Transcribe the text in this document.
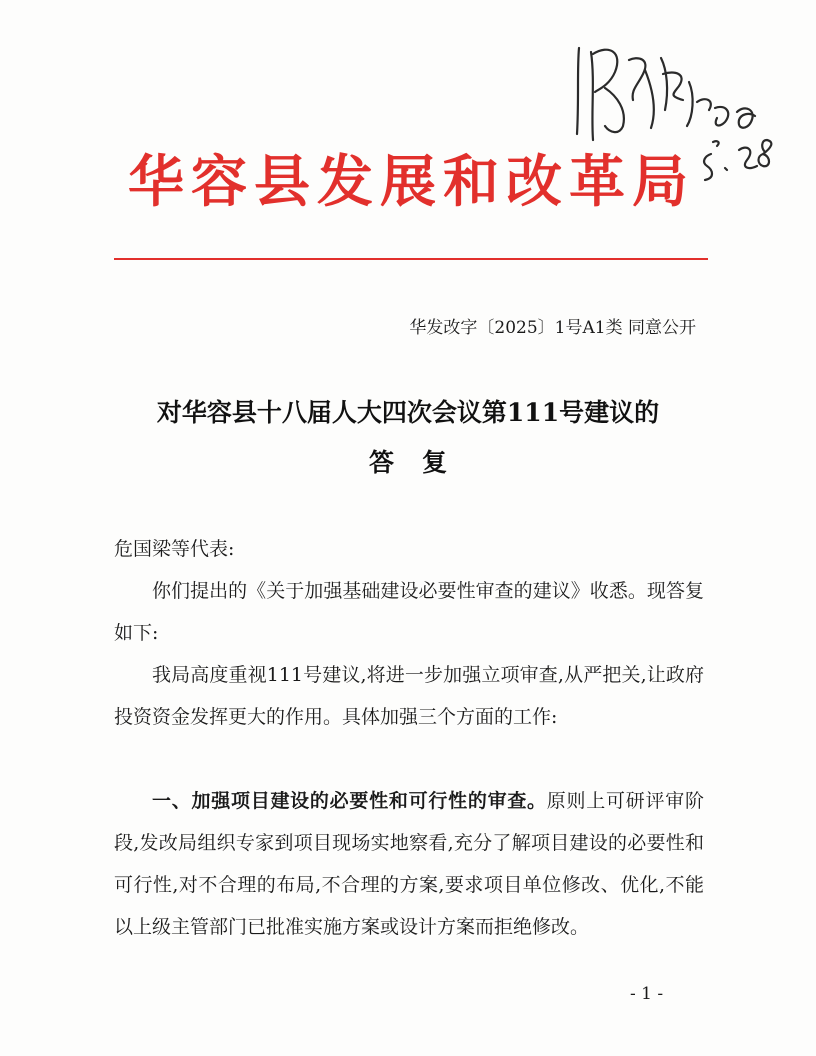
华容县发展和改革局
华发改字〔2025〕1号A1类 同意公开
对华容县十八届人大四次会议第111号建议的
答复
危国梁等代表:
你们提出的《关于加强基础建设必要性审查的建议》收悉。现答复如下:
我局高度重视111号建议,将进一步加强立项审查,从严把关,让政府投资资金发挥更大的作用。具体加强三个方面的工作:
一、加强项目建设的必要性和可行性的审查。原则上可研评审阶段,发改局组织专家到项目现场实地察看,充分了解项目建设的必要性和可行性,对不合理的布局,不合理的方案,要求项目单位修改、优化,不能以上级主管部门已批准实施方案或设计方案而拒绝修改。
- 1 -
